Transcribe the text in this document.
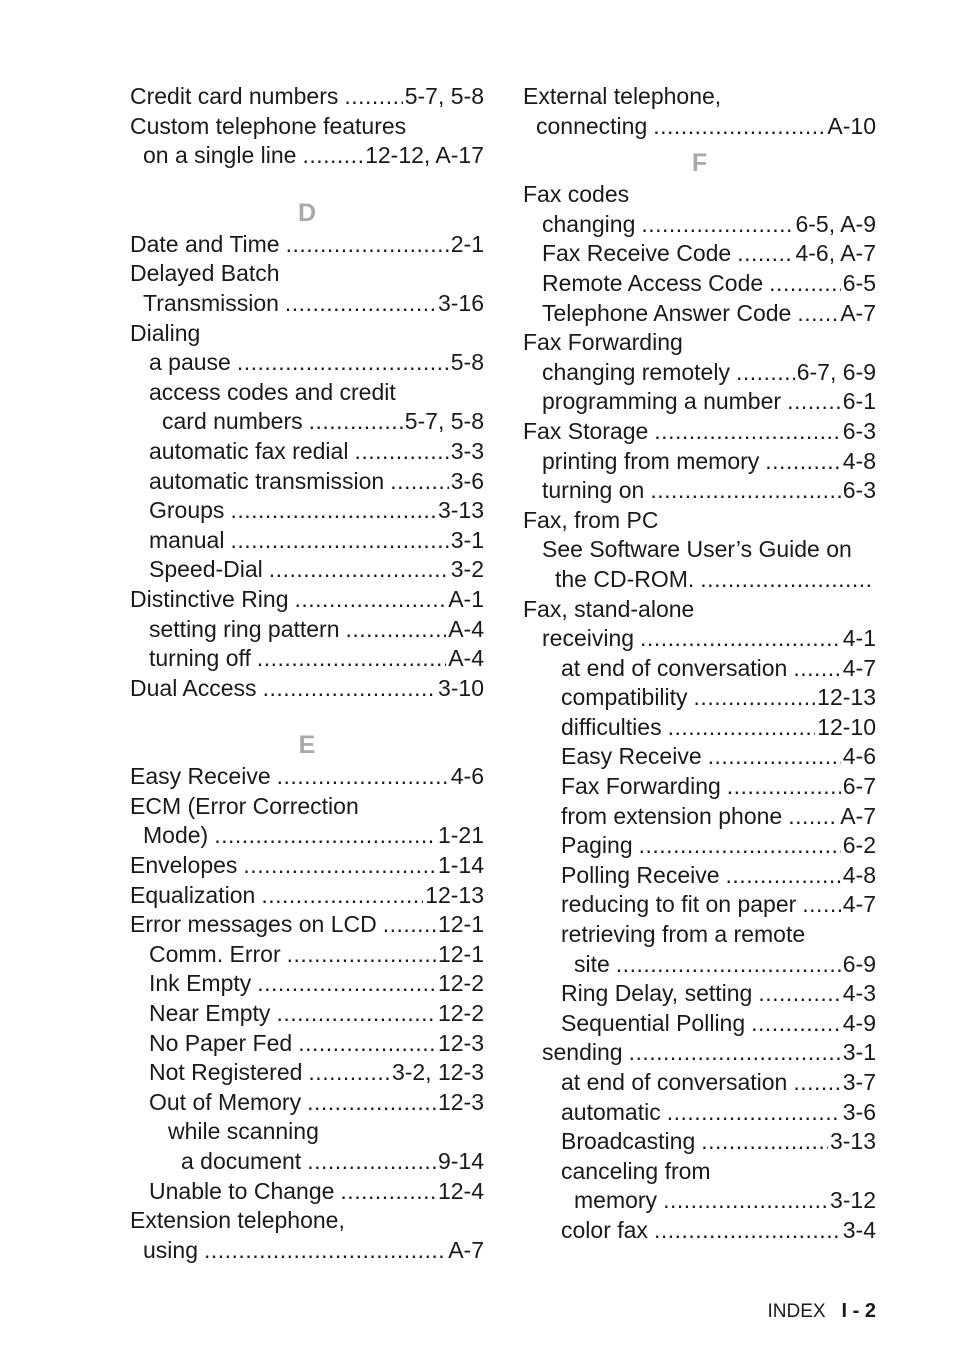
Credit card numbers .....	5-7, 5-8
Custom telephone features
on a single line .....	12-12, A-17
D
Date and Time .....	2-1
Delayed Batch
Transmission .....	3-16
Dialing
a pause .....	5-8
access codes and credit
card numbers .....	5-7, 5-8
automatic fax redial .....	3-3
automatic transmission .....	3-6
Groups .....	3-13
manual .....	3-1
Speed-Dial .....	3-2
Distinctive Ring .....	A-1
setting ring pattern .....	A-4
turning off .....	A-4
Dual Access .....	3-10
E
Easy Receive .....	4-6
ECM (Error Correction
Mode) .....	1-21
Envelopes .....	1-14
Equalization .....	12-13
Error messages on LCD .....	12-1
Comm. Error .....	12-1
Ink Empty .....	12-2
Near Empty .....	12-2
No Paper Fed .....	12-3
Not Registered .....	3-2, 12-3
Out of Memory .....	12-3
while scanning
a document .....	9-14
Unable to Change .....	12-4
Extension telephone,
using .....	A-7
External telephone,
connecting .....	A-10
F
Fax codes
changing .....	6-5, A-9
Fax Receive Code .....	4-6, A-7
Remote Access Code .....	6-5
Telephone Answer Code ..... A-7
Fax Forwarding
changing remotely .....	6-7, 6-9
programming a number .....	6-1
Fax Storage .....	6-3
printing from memory .....	4-8
turning on .....	6-3
Fax, from PC
See Software User’s Guide on
the CD-ROM.
.....
Fax, stand-alone
receiving .....	4-1
at end of conversation ..... 4-7
compatibility .....	12-13
difficulties .....	12-10
Easy Receive .....	4-6
Fax Forwarding .....	6-7
from extension phone .....	A-7
Paging .....	6-2
Polling Receive .....	4-8
reducing to fit on paper ..... 4-7
retrieving from a remote
site .....	6-9
Ring Delay, setting .....	4-3
Sequential Polling .....	4-9
sending .....	3-1
at end of conversation ..... 3-7
automatic .....	3-6
Broadcasting .....	3-13
canceling from
memory .....	3-12
color fax .....	3-4
INDEX I - 2
